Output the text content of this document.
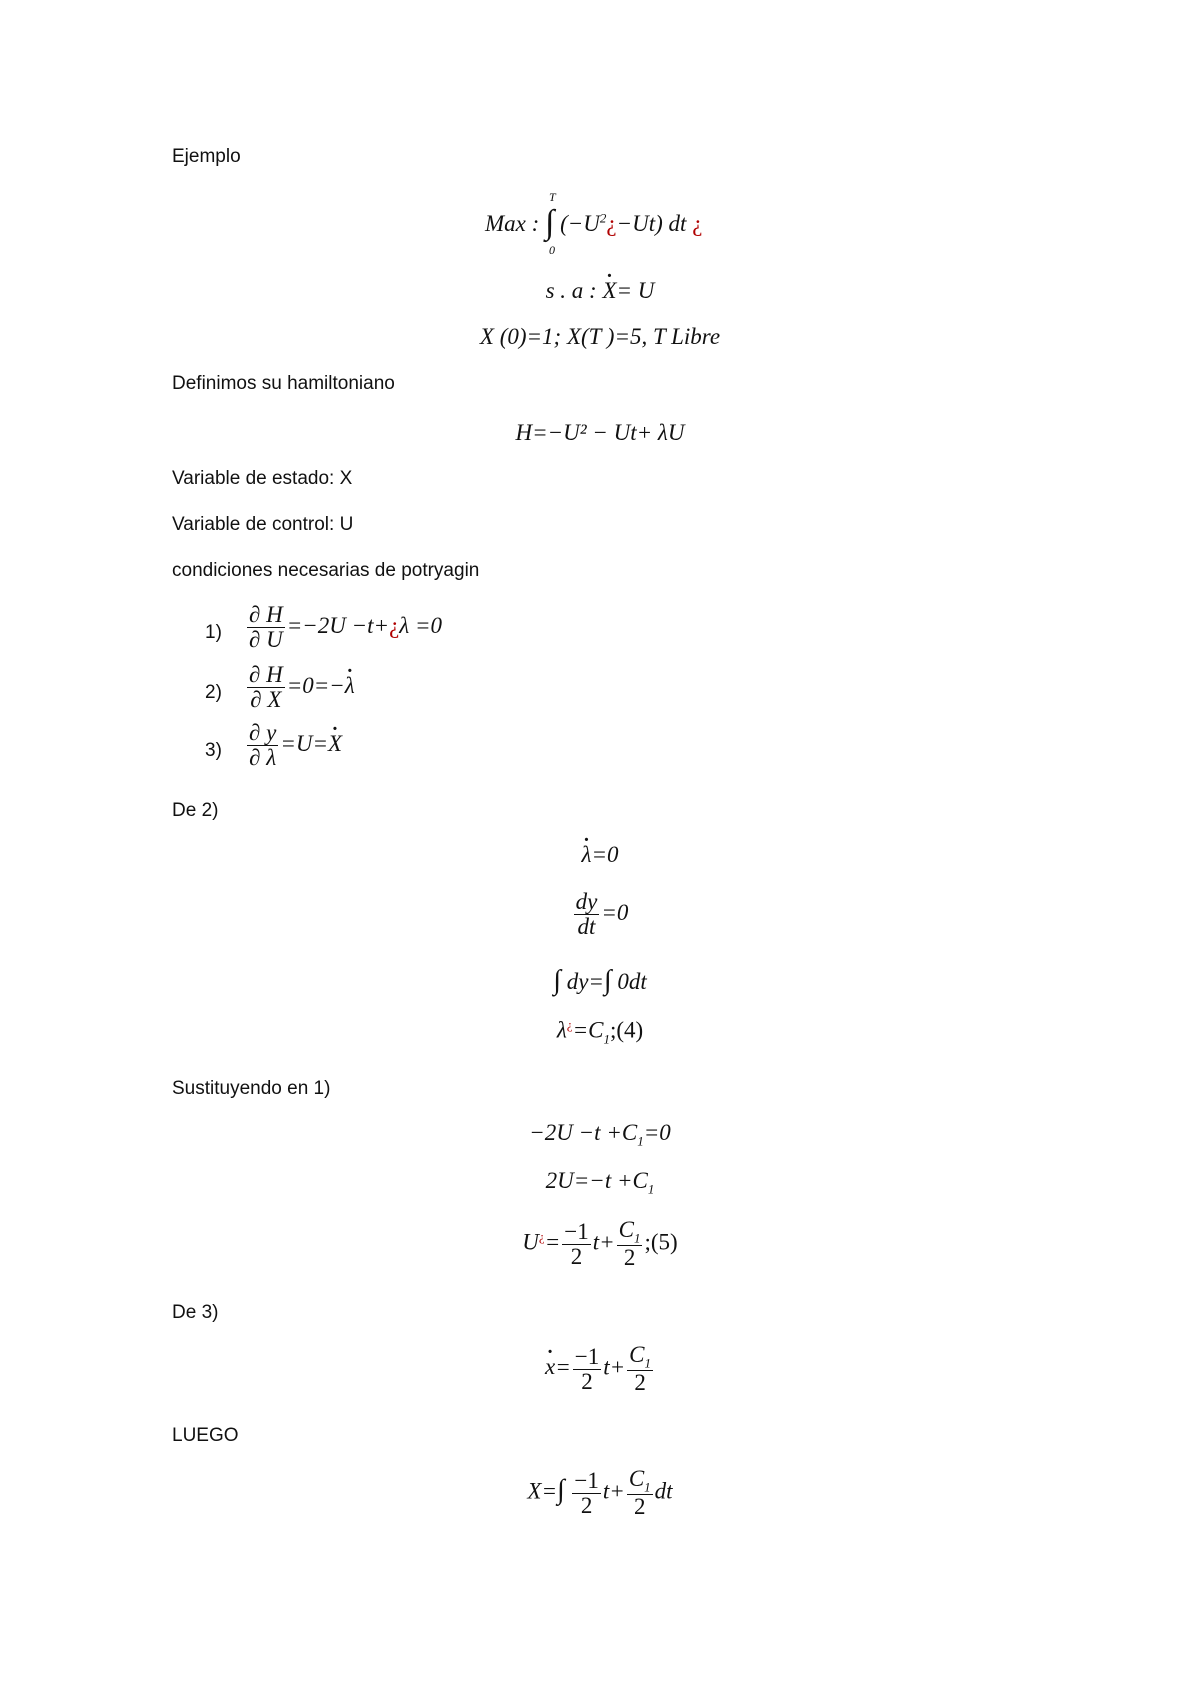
Ejemplo
Max : ∫ $(-U^2¿-Ut)$ dt ¿
T
0
s . a : X ·= U
X (0)=1; X(T )=5, T Libre
Definimos su hamiltoniano
H=−U² − Ut+ λU
Variable de estado: X
Variable de control: U
condiciones necesarias de potryagin
$1) \frac{\partial H}{\partial U} =-2U$ −t+¿λ =0
$2) \frac{\partial H}{\partial X} =0=-\lambda$ ·
$3) \frac{\partial y}{\partial \lambda} =U=X$ ·
De 2)
λ ·=0
$\frac{dy}{dt} =0$
∫ dy=∫ 0dt
$\lambda^¿=C_1;(4)$
Sustituyendo en 1)
$-2U -t +C_1=0$
$2U=-t +C_1$
$U^¿= \frac{-1}{2} t+ \frac{C_1}{2}$ ;(5)
De 3)
$x \cdot= \frac{-1}{2} t+ \frac{C_1}{2}$
LUEGO
$X=\int \frac{-1}{2} t+ \frac{C_1}{2}$ dt
